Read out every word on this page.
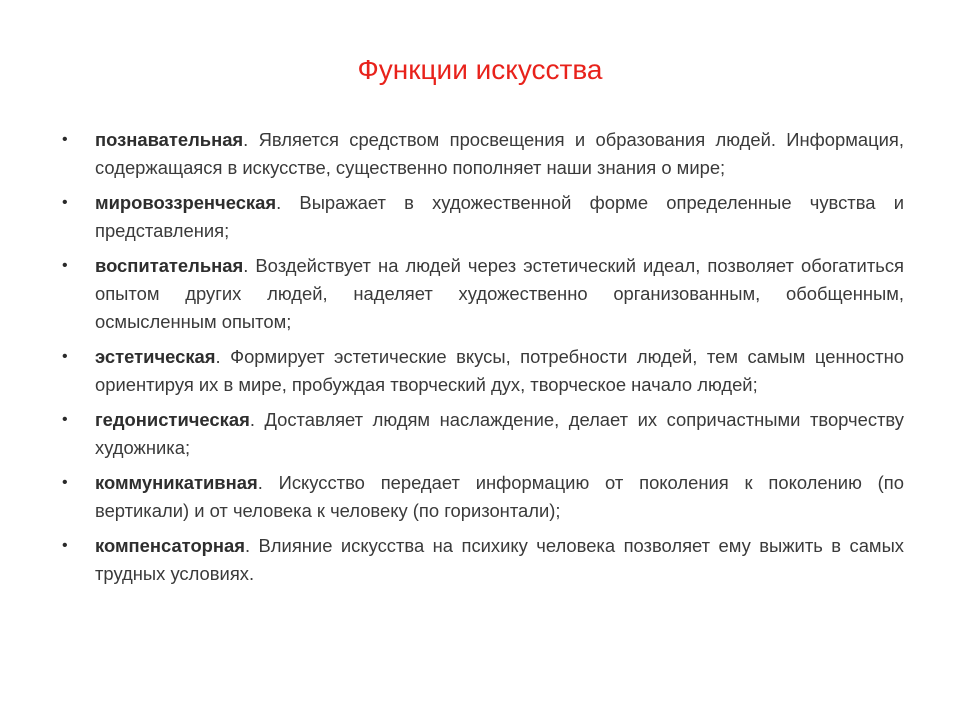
Функции искусства
•	познавательная. Является средством просвещения и образования людей. Информация, содержащаяся в искусстве, существенно пополняет наши знания о мире;
•	мировоззренческая. Выражает в художественной форме определенные чувства и представления;
•	воспитательная. Воздействует на людей через эстетический идеал, позволяет обогатиться опытом других людей, наделяет художественно организованным, обобщенным, осмысленным опытом;
•	эстетическая. Формирует эстетические вкусы, потребности людей, тем самым ценностно ориентируя их в мире, пробуждая творческий дух, творческое начало людей;
•	гедонистическая. Доставляет людям наслаждение, делает их сопричастными творчеству художника;
•	коммуникативная. Искусство передает информацию от поколения к поколению (по вертикали) и от человека к человеку (по горизонтали);
•	компенсаторная. Влияние искусства на психику человека позволяет ему выжить в самых трудных условиях.
